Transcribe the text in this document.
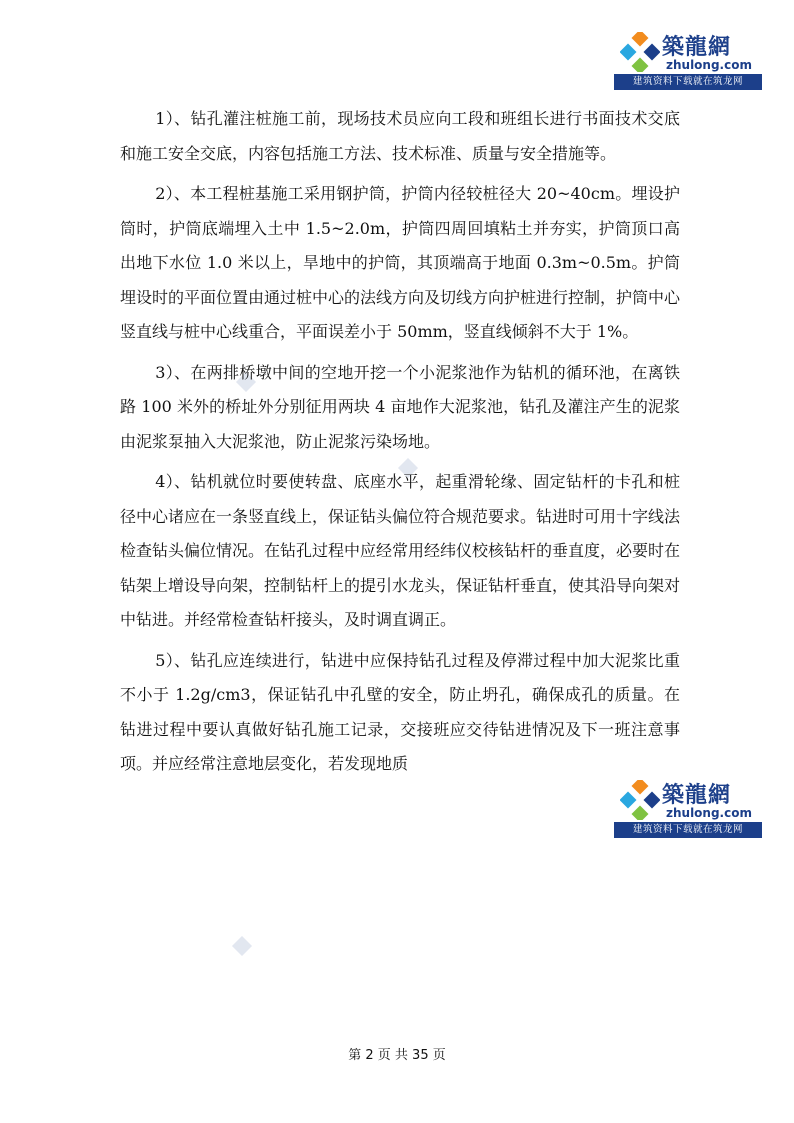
築龍網
zhulong.com
建筑资料下载就在筑龙网
築龍網
zhulong.com
建筑资料下载就在筑龙网

1）、钻孔灌注桩施工前，现场技术员应向工段和班组长进行书面技术交底和施工安全交底，内容包括施工方法、技术标准、质量与安全措施等。

2）、本工程桩基施工采用钢护筒，护筒内径较桩径大 20~40cm。埋设护筒时，护筒底端埋入土中 1.5~2.0m，护筒四周回填粘土并夯实，护筒顶口高出地下水位 1.0 米以上，旱地中的护筒，其顶端高于地面 0.3m~0.5m。护筒埋设时的平面位置由通过桩中心的法线方向及切线方向护桩进行控制，护筒中心竖直线与桩中心线重合，平面误差小于 50mm，竖直线倾斜不大于 1%。

3）、在两排桥墩中间的空地开挖一个小泥浆池作为钻机的循环池，在离铁路 100 米外的桥址外分别征用两块 4 亩地作大泥浆池，钻孔及灌注产生的泥浆由泥浆泵抽入大泥浆池，防止泥浆污染场地。

4）、钻机就位时要使转盘、底座水平，起重滑轮缘、固定钻杆的卡孔和桩径中心诸应在一条竖直线上，保证钻头偏位符合规范要求。钻进时可用十字线法检查钻头偏位情况。在钻孔过程中应经常用经纬仪校核钻杆的垂直度，必要时在钻架上增设导向架，控制钻杆上的提引水龙头，保证钻杆垂直，使其沿导向架对中钻进。并经常检查钻杆接头，及时调直调正。

5）、钻孔应连续进行，钻进中应保持钻孔过程及停滞过程中加大泥浆比重不小于 1.2g/cm3，保证钻孔中孔壁的安全，防止坍孔，确保成孔的质量。在钻进过程中要认真做好钻孔施工记录，交接班应交待钻进情况及下一班注意事项。并应经常注意地层变化，若发现地质

第 2 页 共 35 页
